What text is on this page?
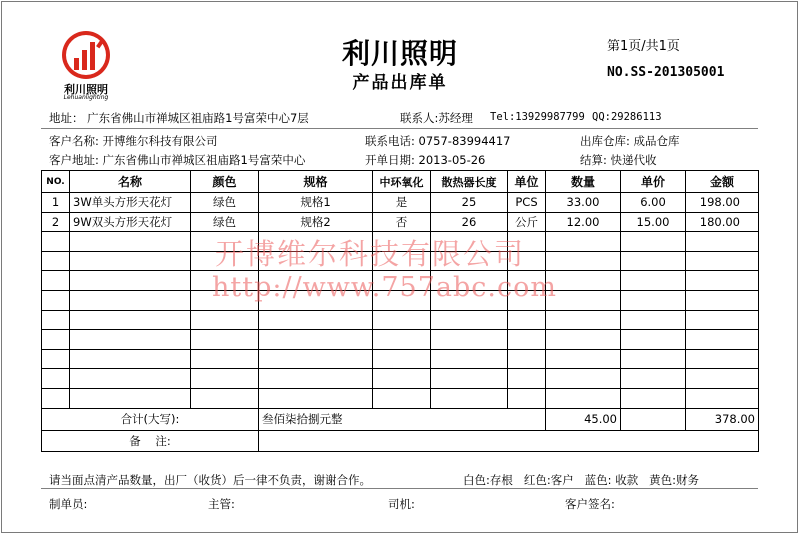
利川照明
Lehuanlighting
利川照明
产品出库单
第1页/共1页
NO.SS-201305001
地址： 广东省佛山市禅城区祖庙路1号富荣中心7层	联系人:苏经理 Tel:13929987799 QQ:29286113
客户名称: 开博维尔科技有限公司	联系电话: 0757-83994417	出库仓库: 成品仓库
客户地址: 广东省佛山市禅城区祖庙路1号富荣中心	开单日期: 2013-05-26	结算: 快递代收
NO.	名称	颜色	规格	中环氧化	散热器长度	单位	数量	单价	金额
1	3W单头方形天花灯	绿色	规格1	是	25	PCS	33.00	6.00	198.00
2	9W双头方形天花灯	绿色	规格2	否	26	公斤	12.00	15.00	180.00

合计(大写):			叁佰柒拾捌元整				45.00		378.00
备    注:									
开博维尔科技有限公司
http://www.757abc.com
请当面点清产品数量，出厂（收货）后一律不负责，谢谢合作。	白色:存根   红色:客户   蓝色: 收款   黄色:财务
制单员:	主管:	司机:	客户签名:
